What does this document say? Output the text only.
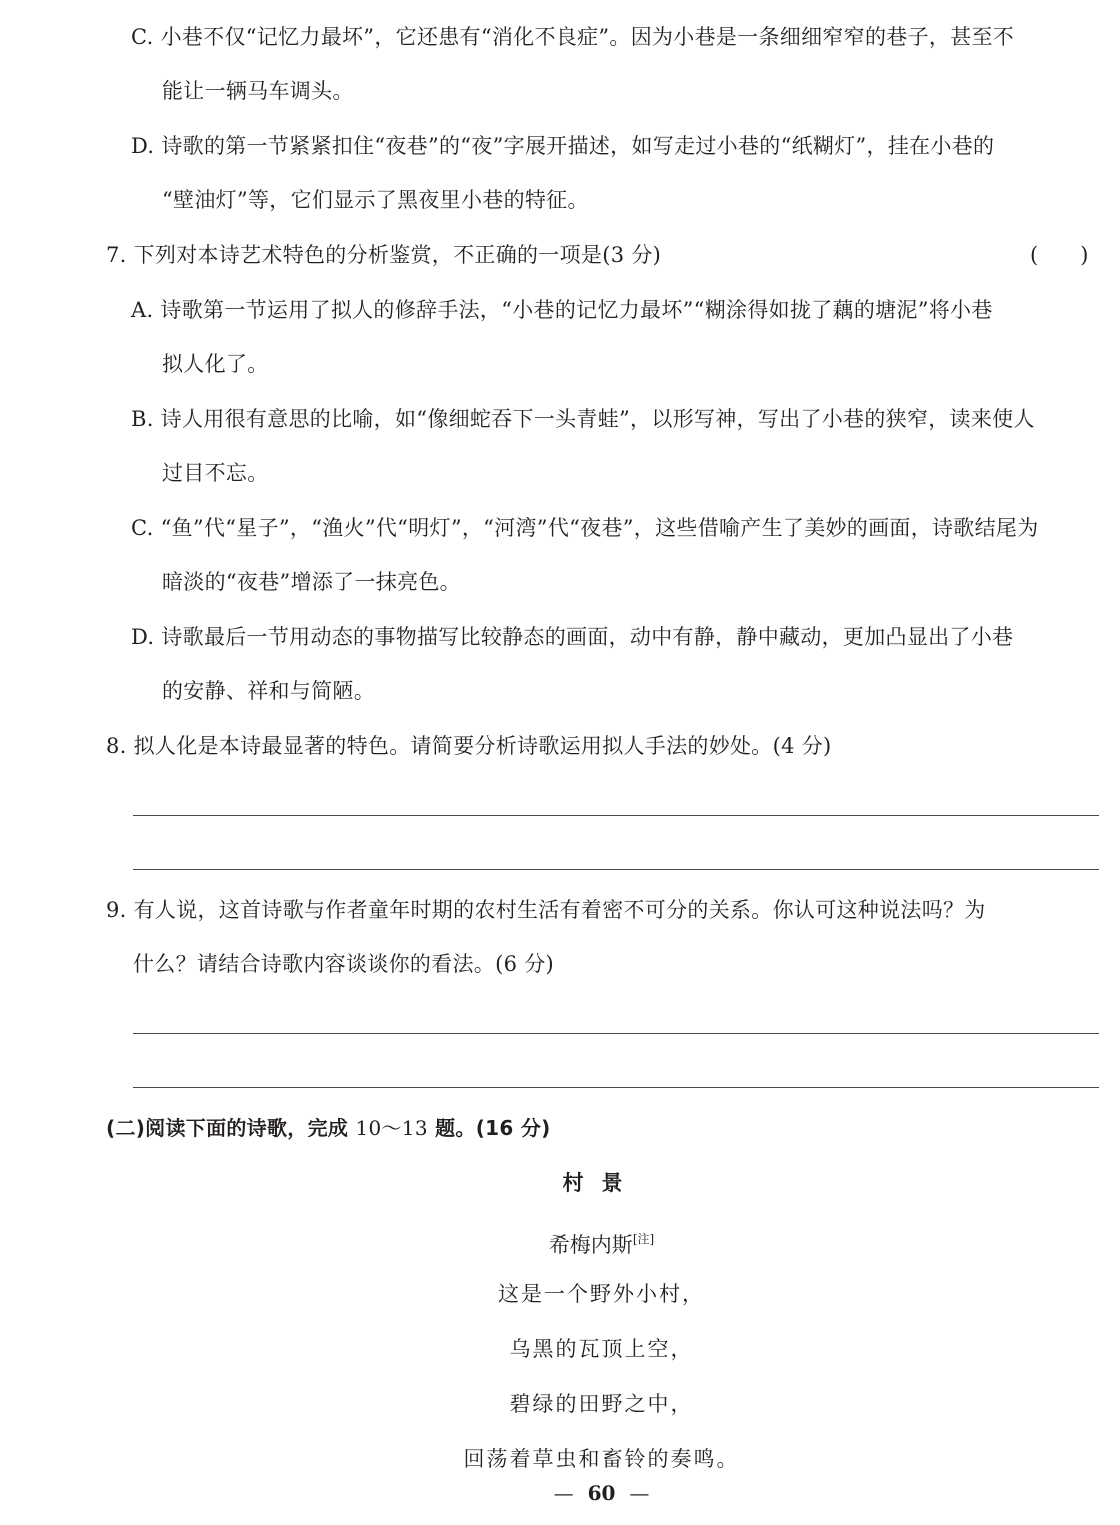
C. 小巷不仅“记忆力最坏”，它还患有“消化不良症”。因为小巷是一条细细窄窄的巷子，甚至不
能让一辆马车调头。
D. 诗歌的第一节紧紧扣住“夜巷”的“夜”字展开描述，如写走过小巷的“纸糊灯”，挂在小巷的
“壁油灯”等，它们显示了黑夜里小巷的特征。
7. 下列对本诗艺术特色的分析鉴赏，不正确的一项是(3 分)	(　　)
A. 诗歌第一节运用了拟人的修辞手法，“小巷的记忆力最坏”“糊涂得如拢了藕的塘泥”将小巷
拟人化了。
B. 诗人用很有意思的比喻，如“像细蛇吞下一头青蛙”，以形写神，写出了小巷的狭窄，读来使人
过目不忘。
C. “鱼”代“星子”，“渔火”代“明灯”，“河湾”代“夜巷”，这些借喻产生了美妙的画面，诗歌结尾为
暗淡的“夜巷”增添了一抹亮色。
D. 诗歌最后一节用动态的事物描写比较静态的画面，动中有静，静中藏动，更加凸显出了小巷
的安静、祥和与简陋。
8. 拟人化是本诗最显著的特色。请简要分析诗歌运用拟人手法的妙处。(4 分)
9. 有人说，这首诗歌与作者童年时期的农村生活有着密不可分的关系。你认可这种说法吗？为
什么？请结合诗歌内容谈谈你的看法。(6 分)
(二)阅读下面的诗歌，完成 10～13 题。(16 分)
村景
希梅内斯[注]
这是一个野外小村，
乌黑的瓦顶上空，
碧绿的田野之中，
回荡着草虫和畜铃的奏鸣。
— 60 —
